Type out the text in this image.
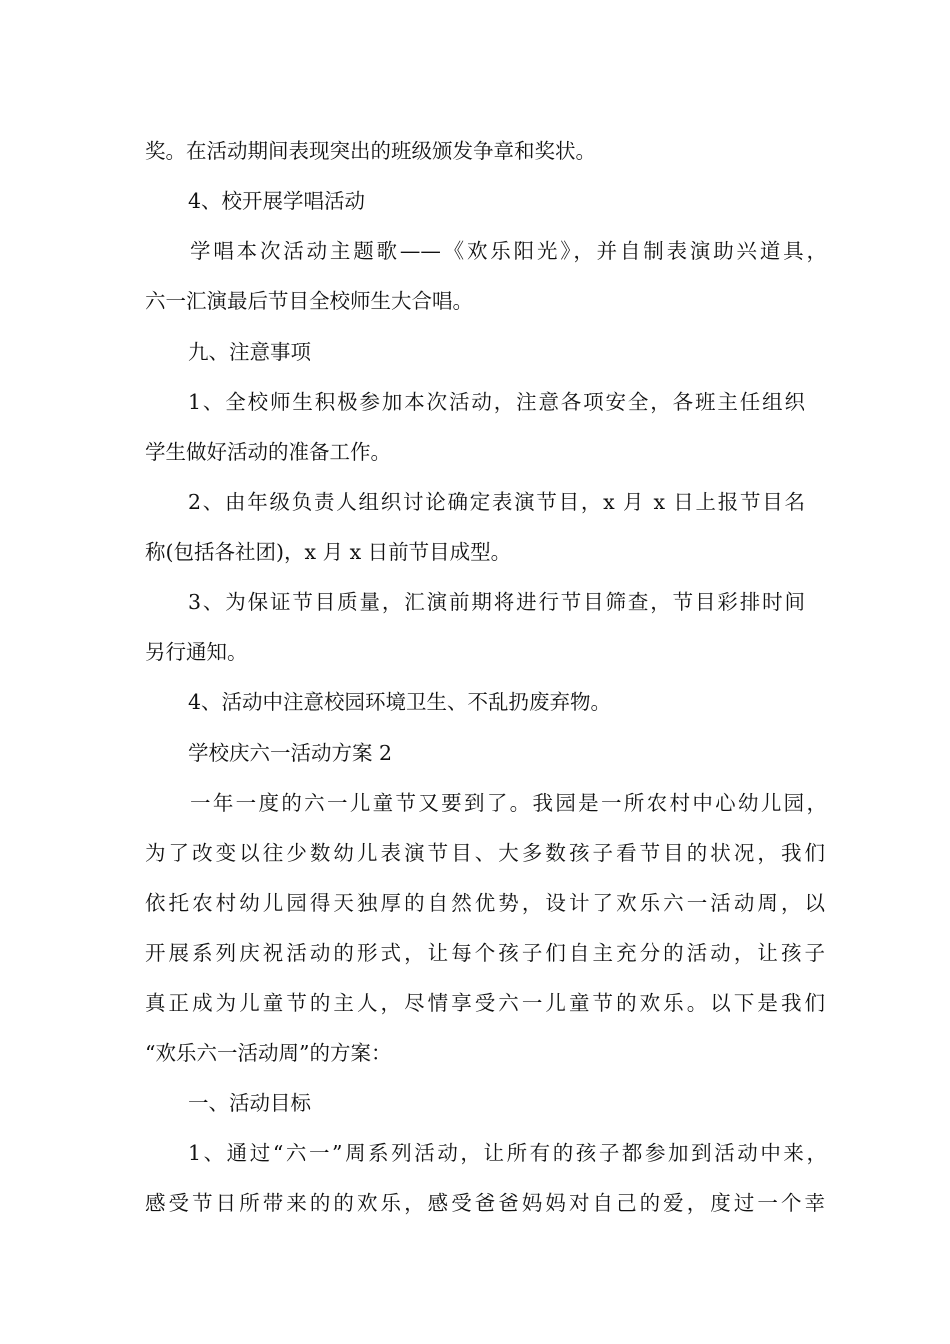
奖。在活动期间表现突出的班级颁发争章和奖状。
4、校开展学唱活动
学唱本次活动主题歌——《欢乐阳光》，并自制表演助兴道具，
六一汇演最后节目全校师生大合唱。
九、注意事项
1、全校师生积极参加本次活动，注意各项安全，各班主任组织
学生做好活动的准备工作。
2、由年级负责人组织讨论确定表演节目，x 月 x 日上报节目名
称(包括各社团)，x 月 x 日前节目成型。
3、为保证节目质量，汇演前期将进行节目筛查，节目彩排时间
另行通知。
4、活动中注意校园环境卫生、不乱扔废弃物。
学校庆六一活动方案 2
一年一度的六一儿童节又要到了。我园是一所农村中心幼儿园，
为了改变以往少数幼儿表演节目、大多数孩子看节目的状况，我们
依托农村幼儿园得天独厚的自然优势，设计了欢乐六一活动周，以
开展系列庆祝活动的形式，让每个孩子们自主充分的活动，让孩子
真正成为儿童节的主人，尽情享受六一儿童节的欢乐。以下是我们
“欢乐六一活动周”的方案：
一、活动目标
1、通过“六一”周系列活动，让所有的孩子都参加到活动中来，
感受节日所带来的的欢乐，感受爸爸妈妈对自己的爱，度过一个幸
